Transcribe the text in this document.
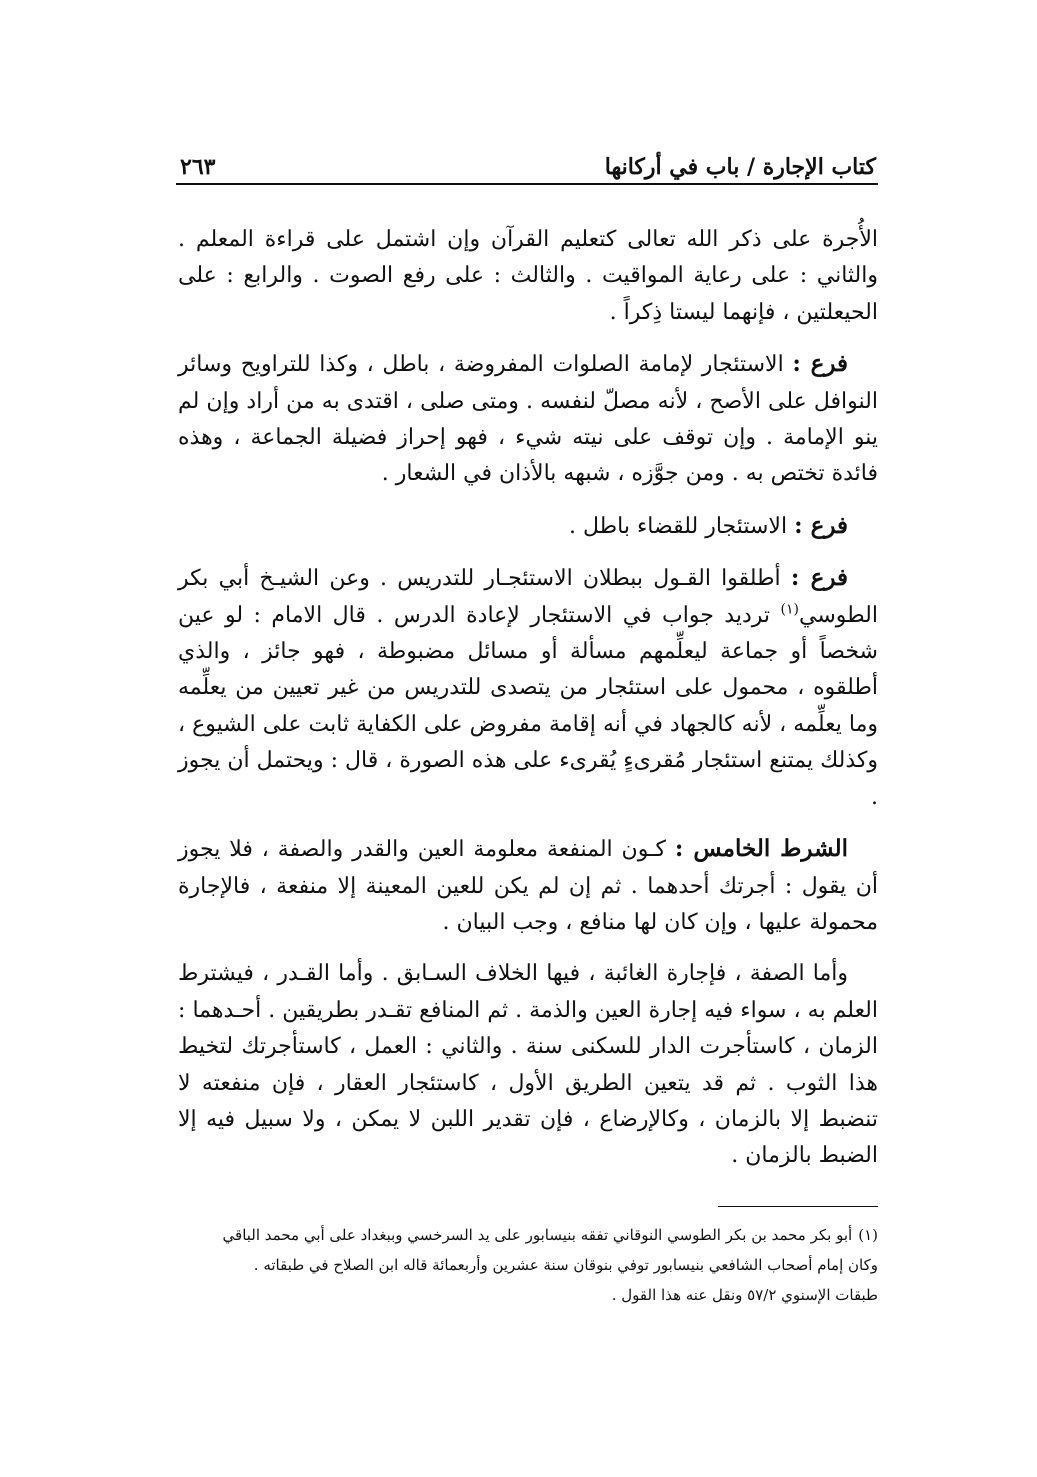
كتاب الإجارة / باب في أركانها
٢٦٣

الأُجرة على ذكر الله تعالى كتعليم القرآن وإن اشتمل على قراءة المعلم . والثاني : على رعاية المواقيت . والثالث : على رفع الصوت . والرابع : على الحيعلتين ، فإنهما ليستا ذِكراً .

فرع : الاستئجار لإمامة الصلوات المفروضة ، باطل ، وكذا للتراويح وسائر النوافل على الأصح ، لأنه مصلّ لنفسه . ومتى صلى ، اقتدى به من أراد وإن لم ينو الإمامة . وإن توقف على نيته شيء ، فهو إحراز فضيلة الجماعة ، وهذه فائدة تختص به . ومن جوَّزه ، شبهه بالأذان في الشعار .

فرع : الاستئجار للقضاء باطل .

فرع : أطلقوا القـول ببطلان الاستئجـار للتدريس . وعن الشيـخ أبي بكر الطوسي$^{(١)}$ ترديد جواب في الاستئجار لإعادة الدرس . قال الامام : لو عين شخصاً أو جماعة ليعلِّمهم مسألة أو مسائل مضبوطة ، فهو جائز ، والذي أطلقوه ، محمول على استئجار من يتصدى للتدريس من غير تعيين من يعلِّمه وما يعلِّمه ، لأنه كالجهاد في أنه إقامة مفروض على الكفاية ثابت على الشيوع ، وكذلك يمتنع استئجار مُقرىءٍ يُقرىء على هذه الصورة ، قال : ويحتمل أن يجوز .

الشرط الخامس : كـون المنفعة معلومة العين والقدر والصفة ، فلا يجوز أن يقول : أجرتك أحدهما . ثم إن لم يكن للعين المعينة إلا منفعة ، فالإجارة محمولة عليها ، وإن كان لها منافع ، وجب البيان .

وأما الصفة ، فإجارة الغائبة ، فيها الخلاف السـابق . وأما القـدر ، فيشترط العلم به ، سواء فيه إجارة العين والذمة . ثم المنافع تقـدر بطريقين . أحـدهما : الزمان ، كاستأجرت الدار للسكنى سنة . والثاني : العمل ، كاستأجرتك لتخيط هذا الثوب . ثم قد يتعين الطريق الأول ، كاستئجار العقار ، فإن منفعته لا تنضبط إلا بالزمان ، وكالإرضاع ، فإن تقدير اللبن لا يمكن ، ولا سبيل فيه إلا الضبط بالزمان .

(١)أبو بكر محمد بن بكر الطوسي النوقاني تفقه بنيسابور على يد السرخسي وببغداد على أبي محمد الباقي

وكان إمام أصحاب الشافعي بنيسابور توفي بنوقان سنة عشرين وأربعمائة قاله ابن الصلاح في طبقاته .

طبقات الإسنوي ٥٧/٢ ونقل عنه هذا القول .
